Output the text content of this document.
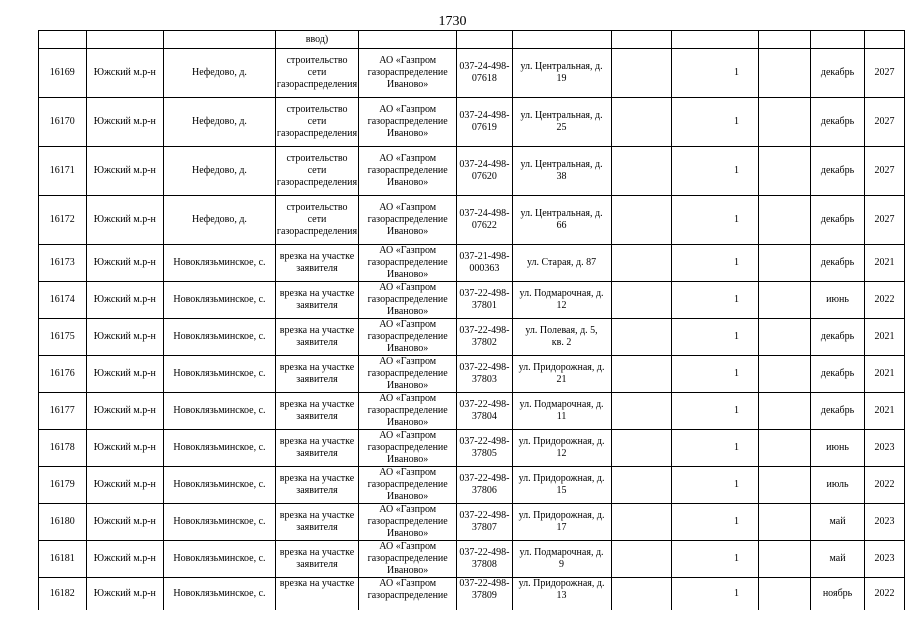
1730
			ввод)									
16169	Южский м.р-н	Нефедово, д.	строительство сети газораспределения	АО «Газпром газораспределение Иваново»	037-24-498-07618	ул. Центральная, д. 19			1		декабрь	2027
16170	Южский м.р-н	Нефедово, д.	строительство сети газораспределения	АО «Газпром газораспределение Иваново»	037-24-498-07619	ул. Центральная, д. 25			1		декабрь	2027
16171	Южский м.р-н	Нефедово, д.	строительство сети газораспределения	АО «Газпром газораспределение Иваново»	037-24-498-07620	ул. Центральная, д. 38			1		декабрь	2027
16172	Южский м.р-н	Нефедово, д.	строительство сети газораспределения	АО «Газпром газораспределение Иваново»	037-24-498-07622	ул. Центральная, д. 66			1		декабрь	2027
16173	Южский м.р-н	Новоклязьминское, с.	врезка на участке заявителя	АО «Газпром газораспределение Иваново»	037-21-498-000363	ул. Старая, д. 87			1		декабрь	2021
16174	Южский м.р-н	Новоклязьминское, с.	врезка на участке заявителя	АО «Газпром газораспределение Иваново»	037-22-498-37801	ул. Подмарочная, д. 12			1		июнь	2022
16175	Южский м.р-н	Новоклязьминское, с.	врезка на участке заявителя	АО «Газпром газораспределение Иваново»	037-22-498-37802	ул. Полевая, д. 5, кв. 2			1		декабрь	2021
16176	Южский м.р-н	Новоклязьминское, с.	врезка на участке заявителя	АО «Газпром газораспределение Иваново»	037-22-498-37803	ул. Придорожная, д. 21			1		декабрь	2021
16177	Южский м.р-н	Новоклязьминское, с.	врезка на участке заявителя	АО «Газпром газораспределение Иваново»	037-22-498-37804	ул. Подмарочная, д. 11			1		декабрь	2021
16178	Южский м.р-н	Новоклязьминское, с.	врезка на участке заявителя	АО «Газпром газораспределение Иваново»	037-22-498-37805	ул. Придорожная, д. 12			1		июнь	2023
16179	Южский м.р-н	Новоклязьминское, с.	врезка на участке заявителя	АО «Газпром газораспределение Иваново»	037-22-498-37806	ул. Придорожная, д. 15			1		июль	2022
16180	Южский м.р-н	Новоклязьминское, с.	врезка на участке заявителя	АО «Газпром газораспределение Иваново»	037-22-498-37807	ул. Придорожная, д. 17			1		май	2023
16181	Южский м.р-н	Новоклязьминское, с.	врезка на участке заявителя	АО «Газпром газораспределение Иваново»	037-22-498-37808	ул. Подмарочная, д. 9			1		май	2023
16182	Южский м.р-н	Новоклязьминское, с.	врезка на участке	АО «Газпром газораспределение	037-22-498-37809	ул. Придорожная, д. 13			1		ноябрь	2022
